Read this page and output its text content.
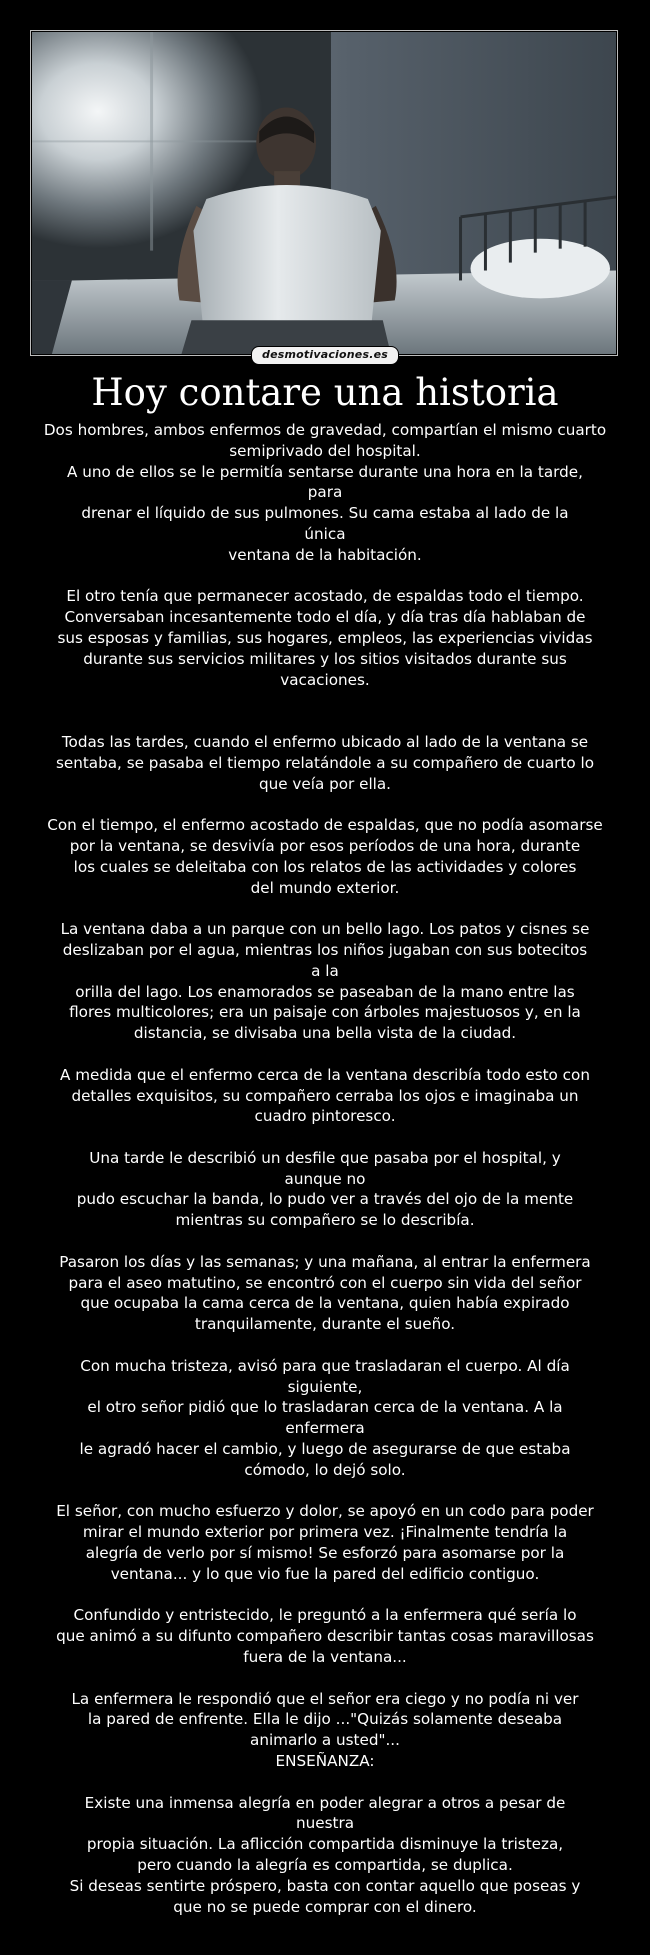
desmotivaciones.es
Hoy contare una historia
Dos hombres, ambos enfermos de gravedad, compartían el mismo cuarto
semiprivado del hospital.
A uno de ellos se le permitía sentarse durante una hora en la tarde,
para
drenar el líquido de sus pulmones. Su cama estaba al lado de la
única
ventana de la habitación.
El otro tenía que permanecer acostado, de espaldas todo el tiempo.
Conversaban incesantemente todo el día, y día tras día hablaban de
sus esposas y familias, sus hogares, empleos, las experiencias vividas
durante sus servicios militares y los sitios visitados durante sus
vacaciones.
Todas las tardes, cuando el enfermo ubicado al lado de la ventana se
sentaba, se pasaba el tiempo relatándole a su compañero de cuarto lo
que veía por ella.
Con el tiempo, el enfermo acostado de espaldas, que no podía asomarse
por la ventana, se desvivía por esos períodos de una hora, durante
los cuales se deleitaba con los relatos de las actividades y colores
del mundo exterior.
La ventana daba a un parque con un bello lago. Los patos y cisnes se
deslizaban por el agua, mientras los niños jugaban con sus botecitos
a la
orilla del lago. Los enamorados se paseaban de la mano entre las
flores multicolores; era un paisaje con árboles majestuosos y, en la
distancia, se divisaba una bella vista de la ciudad.
A medida que el enfermo cerca de la ventana describía todo esto con
detalles exquisitos, su compañero cerraba los ojos e imaginaba un
cuadro pintoresco.
Una tarde le describió un desfile que pasaba por el hospital, y
aunque no
pudo escuchar la banda, lo pudo ver a través del ojo de la mente
mientras su compañero se lo describía.
Pasaron los días y las semanas; y una mañana, al entrar la enfermera
para el aseo matutino, se encontró con el cuerpo sin vida del señor
que ocupaba la cama cerca de la ventana, quien había expirado
tranquilamente, durante el sueño.
Con mucha tristeza, avisó para que trasladaran el cuerpo. Al día
siguiente,
el otro señor pidió que lo trasladaran cerca de la ventana. A la
enfermera
le agradó hacer el cambio, y luego de asegurarse de que estaba
cómodo, lo dejó solo.
El señor, con mucho esfuerzo y dolor, se apoyó en un codo para poder
mirar el mundo exterior por primera vez. ¡Finalmente tendría la
alegría de verlo por sí mismo! Se esforzó para asomarse por la
ventana... y lo que vio fue la pared del edificio contiguo.
Confundido y entristecido, le preguntó a la enfermera qué sería lo
que animó a su difunto compañero describir tantas cosas maravillosas
fuera de la ventana...
La enfermera le respondió que el señor era ciego y no podía ni ver
la pared de enfrente. Ella le dijo ..."Quizás solamente deseaba
animarlo a usted"...
ENSEÑANZA:
Existe una inmensa alegría en poder alegrar a otros a pesar de
nuestra
propia situación. La aflicción compartida disminuye la tristeza,
pero cuando la alegría es compartida, se duplica.
Si deseas sentirte próspero, basta con contar aquello que poseas y
que no se puede comprar con el dinero.
